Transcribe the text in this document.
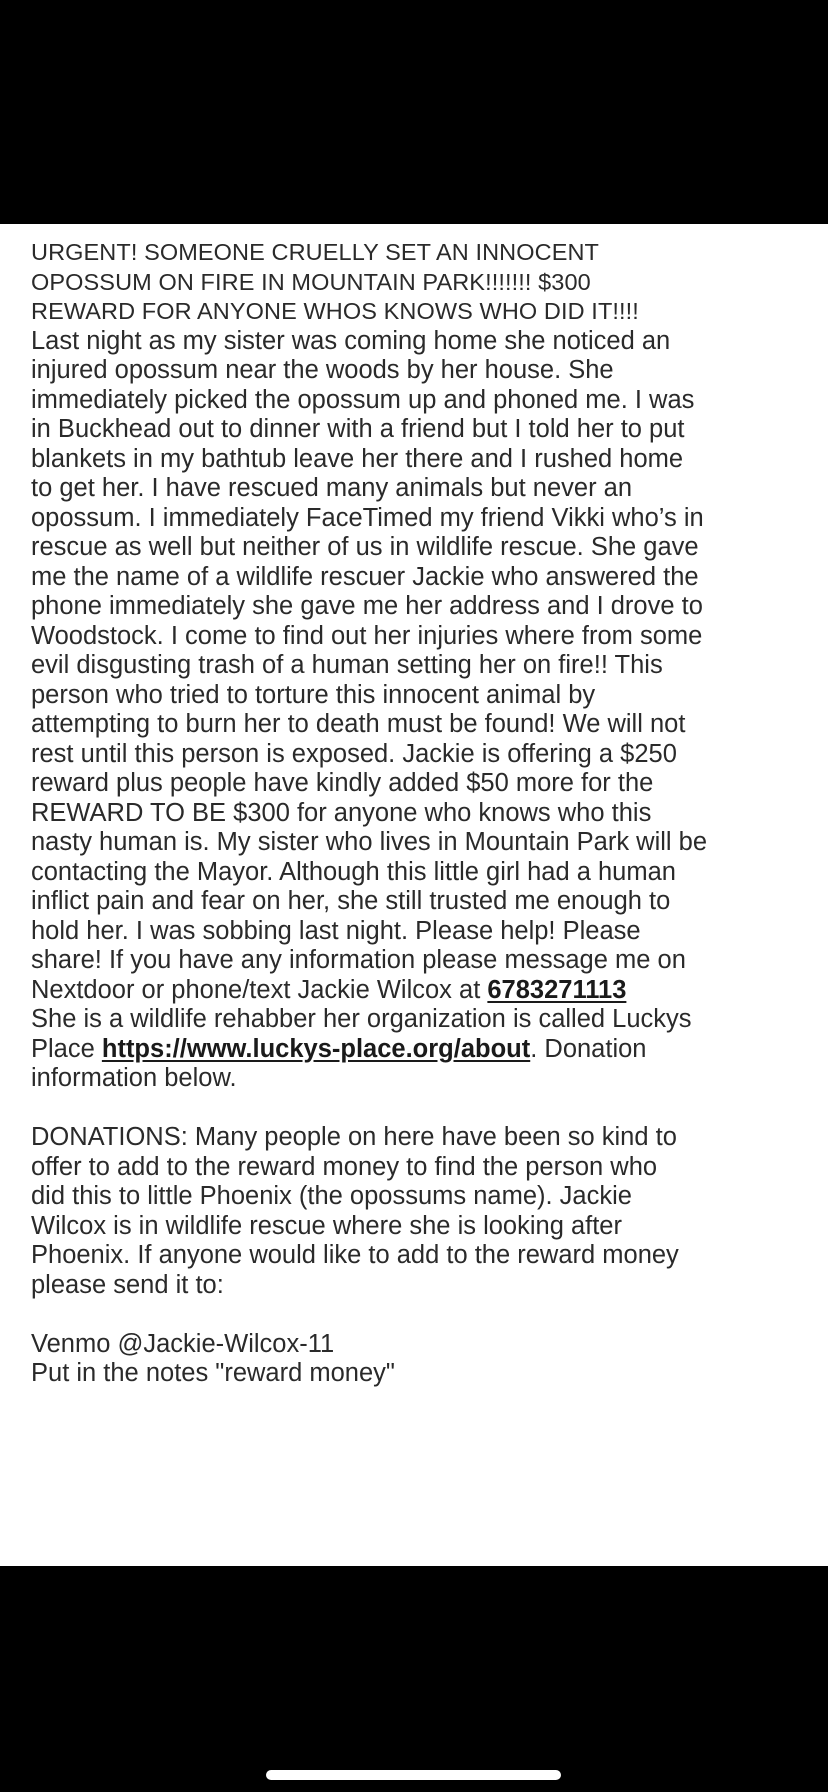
URGENT! SOMEONE CRUELLY SET AN INNOCENT
OPOSSUM ON FIRE IN MOUNTAIN PARK!!!!!!! $300
REWARD FOR ANYONE WHOS KNOWS WHO DID IT!!!!

Last night as my sister was coming home she noticed an
injured opossum near the woods by her house. She
immediately picked the opossum up and phoned me. I was
in Buckhead out to dinner with a friend but I told her to put
blankets in my bathtub leave her there and I rushed home
to get her. I have rescued many animals but never an
opossum. I immediately FaceTimed my friend Vikki who’s in
rescue as well but neither of us in wildlife rescue. She gave
me the name of a wildlife rescuer Jackie who answered the
phone immediately she gave me her address and I drove to
Woodstock. I come to find out her injuries where from some
evil disgusting trash of a human setting her on fire!! This
person who tried to torture this innocent animal by
attempting to burn her to death must be found! We will not
rest until this person is exposed. Jackie is offering a $250
reward plus people have kindly added $50 more for the
REWARD TO BE $300 for anyone who knows who this
nasty human is. My sister who lives in Mountain Park will be
contacting the Mayor. Although this little girl had a human
inflict pain and fear on her, she still trusted me enough to
hold her. I was sobbing last night. Please help! Please
share! If you have any information please message me on
Nextdoor or phone/text Jackie Wilcox at 6783271113
She is a wildlife rehabber her organization is called Luckys
Place https://www.luckys-place.org/about. Donation
information below.

DONATIONS: Many people on here have been so kind to
offer to add to the reward money to find the person who
did this to little Phoenix (the opossums name). Jackie
Wilcox is in wildlife rescue where she is looking after
Phoenix. If anyone would like to add to the reward money
please send it to:

Venmo @Jackie-Wilcox-11
Put in the notes "reward money"
